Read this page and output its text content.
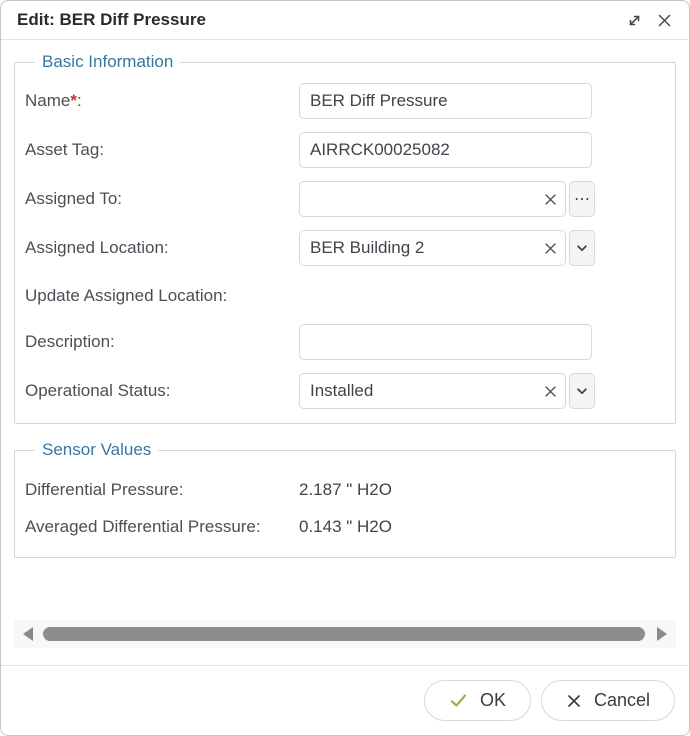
Edit: BER Diff Pressure
Basic Information
Name*:
BER Diff Pressure
Asset Tag:
AIRRCK00025082
Assigned To:	⋯
Assigned Location:
BER Building 2
Update Assigned Location:
Description:
Operational Status:
Installed
Sensor Values
Differential Pressure:	2.187 " H2O
Averaged Differential Pressure:	0.143 " H2O
OK	Cancel
